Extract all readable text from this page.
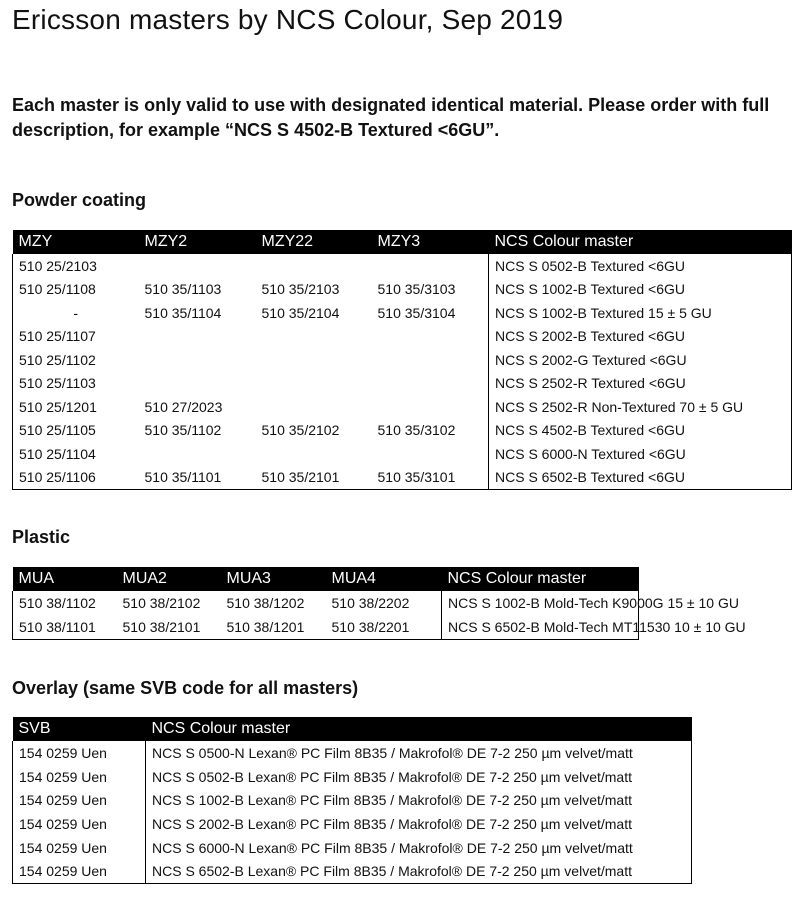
Ericsson masters by NCS Colour, Sep 2019

Each master is only valid to use with designated identical material. Please order with full description, for example “NCS S 4502-B Textured <6GU”.

Powder coating
MZY	MZY2	MZY22	MZY3	NCS Colour master
510 25/2103				NCS S 0502-B Textured <6GU
510 25/1108	510 35/1103	510 35/2103	510 35/3103	NCS S 1002-B Textured <6GU
-	510 35/1104	510 35/2104	510 35/3104	NCS S 1002-B Textured 15 ± 5 GU
510 25/1107				NCS S 2002-B Textured <6GU
510 25/1102				NCS S 2002-G Textured <6GU
510 25/1103				NCS S 2502-R Textured <6GU
510 25/1201	510 27/2023			NCS S 2502-R Non-Textured 70 ± 5 GU
510 25/1105	510 35/1102	510 35/2102	510 35/3102	NCS S 4502-B Textured <6GU
510 25/1104				NCS S 6000-N Textured <6GU
510 25/1106	510 35/1101	510 35/2101	510 35/3101	NCS S 6502-B Textured <6GU
Plastic
MUA	MUA2	MUA3	MUA4	NCS Colour master
510 38/1102	510 38/2102	510 38/1202	510 38/2202	NCS S 1002-B Mold-Tech K9000G 15 ± 10 GU
510 38/1101	510 38/2101	510 38/1201	510 38/2201	NCS S 6502-B Mold-Tech MT11530 10 ± 10 GU
Overlay (same SVB code for all masters)
SVB	NCS Colour master
154 0259 Uen	NCS S 0500-N Lexan® PC Film 8B35 / Makrofol® DE 7-2 250 µm velvet/matt
154 0259 Uen	NCS S 0502-B Lexan® PC Film 8B35 / Makrofol® DE 7-2 250 µm velvet/matt
154 0259 Uen	NCS S 1002-B Lexan® PC Film 8B35 / Makrofol® DE 7-2 250 µm velvet/matt
154 0259 Uen	NCS S 2002-B Lexan® PC Film 8B35 / Makrofol® DE 7-2 250 µm velvet/matt
154 0259 Uen	NCS S 6000-N Lexan® PC Film 8B35 / Makrofol® DE 7-2 250 µm velvet/matt
154 0259 Uen	NCS S 6502-B Lexan® PC Film 8B35 / Makrofol® DE 7-2 250 µm velvet/matt
